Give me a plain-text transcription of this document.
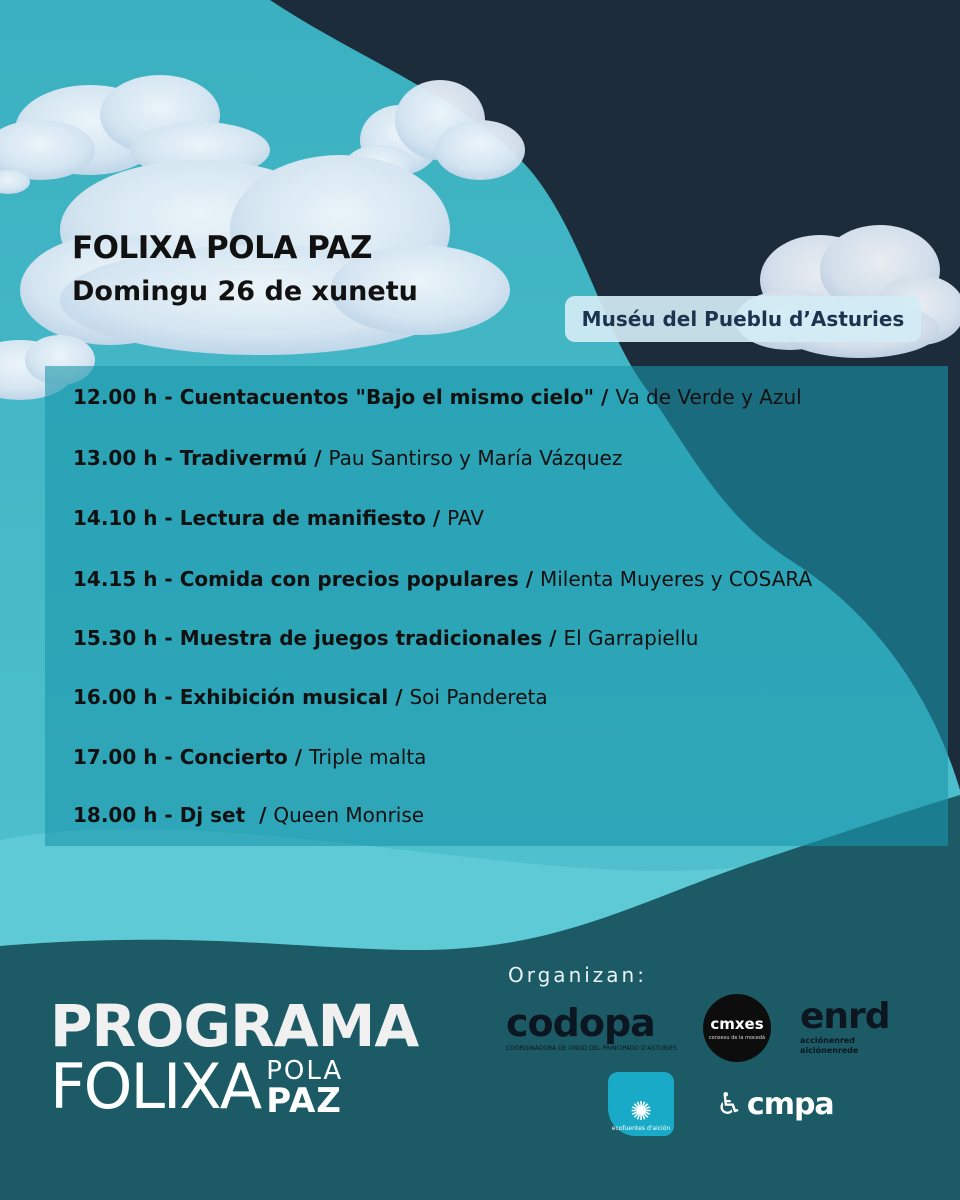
FOLIXA POLA PAZ
Domingu 26 de xunetu
Muséu del Pueblu d’Asturies
12.00 h - Cuentacuentos "Bajo el mismo cielo" / Va de Verde y Azul
13.00 h - Tradivermú / Pau Santirso y María Vázquez
14.10 h - Lectura de manifiesto / PAV
14.15 h - Comida con precios populares / Milenta Muyeres y COSARA
15.30 h - Muestra de juegos tradicionales / El Garrapiellu
16.00 h - Exhibición musical / Soi Pandereta
17.00 h - Concierto / Triple malta
18.00 h - Dj set  / Queen Monrise
PROGRAMA
FOLIXA POLA
PAZ
Organizan:
codopa
COORDINADORA DE ONGD DEL PRINCIPADO D'ASTURIES
cmxes
consexu de la mocedá
enrd
acciónenred
aiciónenrede
✺
ecofuentes d'aición
♿ cmpa
